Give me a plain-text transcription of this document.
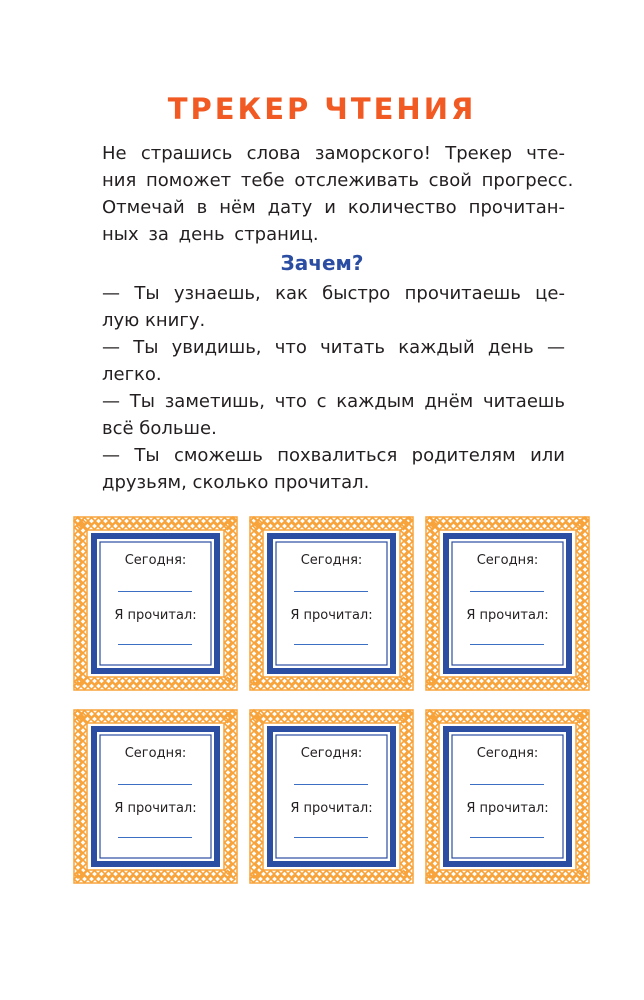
ТРЕКЕР ЧТЕНИЯ
Не страшись слова заморского! Трекер чте-
ния поможет тебе отслеживать свой прогресс.
Отмечай в нём дату и количество прочитан-
ных за день страниц.
Зачем?
— Ты узнаешь, как быстро прочитаешь це-
лую книгу.
— Ты увидишь, что читать каждый день —
легко.
— Ты заметишь, что с каждым днём читаешь
всё больше.
— Ты сможешь похвалиться родителям или
друзьям, сколько прочитал.
Сегодня:
Я прочитал:
Сегодня:
Я прочитал:
Сегодня:
Я прочитал:
Сегодня:
Я прочитал:
Сегодня:
Я прочитал:
Сегодня:
Я прочитал:
